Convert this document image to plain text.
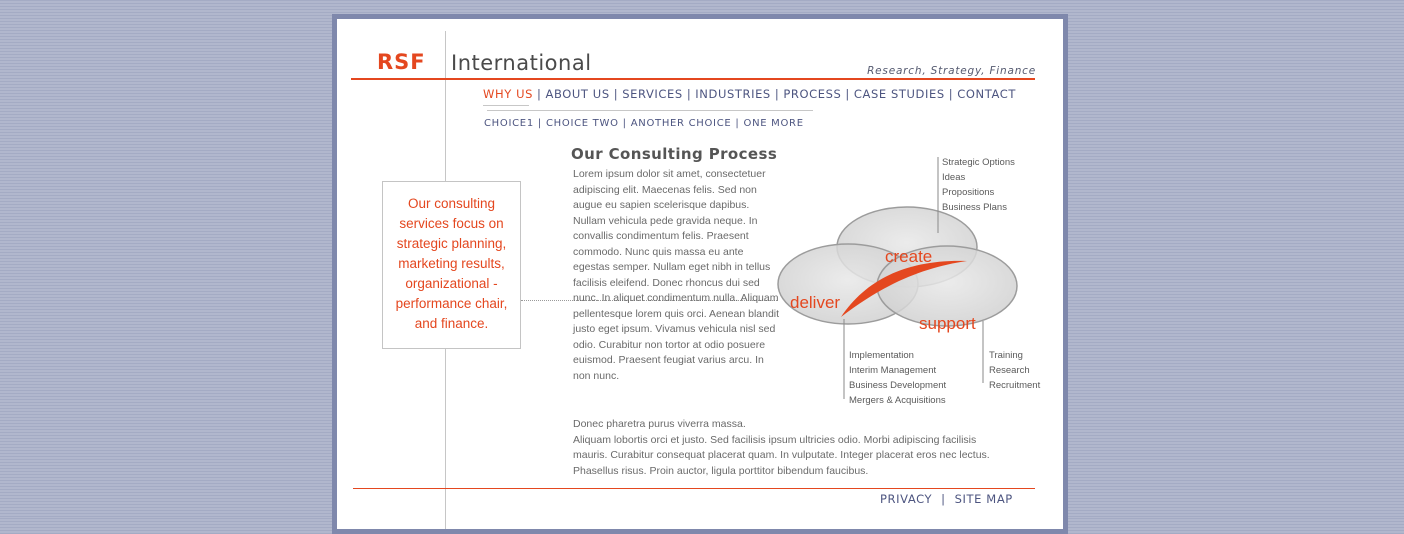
RSF International	Research, Strategy, Finance
WHY US | ABOUT US | SERVICES | INDUSTRIES | PROCESS | CASE STUDIES | CONTACT
CHOICE1 | CHOICE TWO | ANOTHER CHOICE | ONE MORE
Our consulting services focus on strategic planning, marketing results, organizational - performance chair, and finance.
Our Consulting Process
Lorem ipsum dolor sit amet, consectetuer adipiscing elit. Maecenas felis. Sed non augue eu sapien scelerisque dapibus. Nullam vehicula pede gravida neque. In convallis condimentum felis. Praesent commodo. Nunc quis massa eu ante egestas semper. Nullam eget nibh in tellus facilisis eleifend. Donec rhoncus dui sed nunc. In aliquet condimentum nulla. Aliquam pellentesque lorem quis orci. Aenean blandit justo eget ipsum. Vivamus vehicula nisl sed odio. Curabitur non tortor at odio posuere euismod. Praesent feugiat varius arcu. In non nunc.
Donec pharetra purus viverra massa.
Aliquam lobortis orci et justo. Sed facilisis ipsum ultricies odio. Morbi adipiscing facilisis mauris. Curabitur consequat placerat quam. In vulputate. Integer placerat eros nec lectus. Phasellus risus. Proin auctor, ligula porttitor bibendum faucibus.
create
deliver
support
Strategic Options
Ideas
Propositions
Business Plans
Implementation
Interim Management
Business Development
Mergers & Acquisitions
Training
Research
Recruitment
PRIVACY | SITE MAP
